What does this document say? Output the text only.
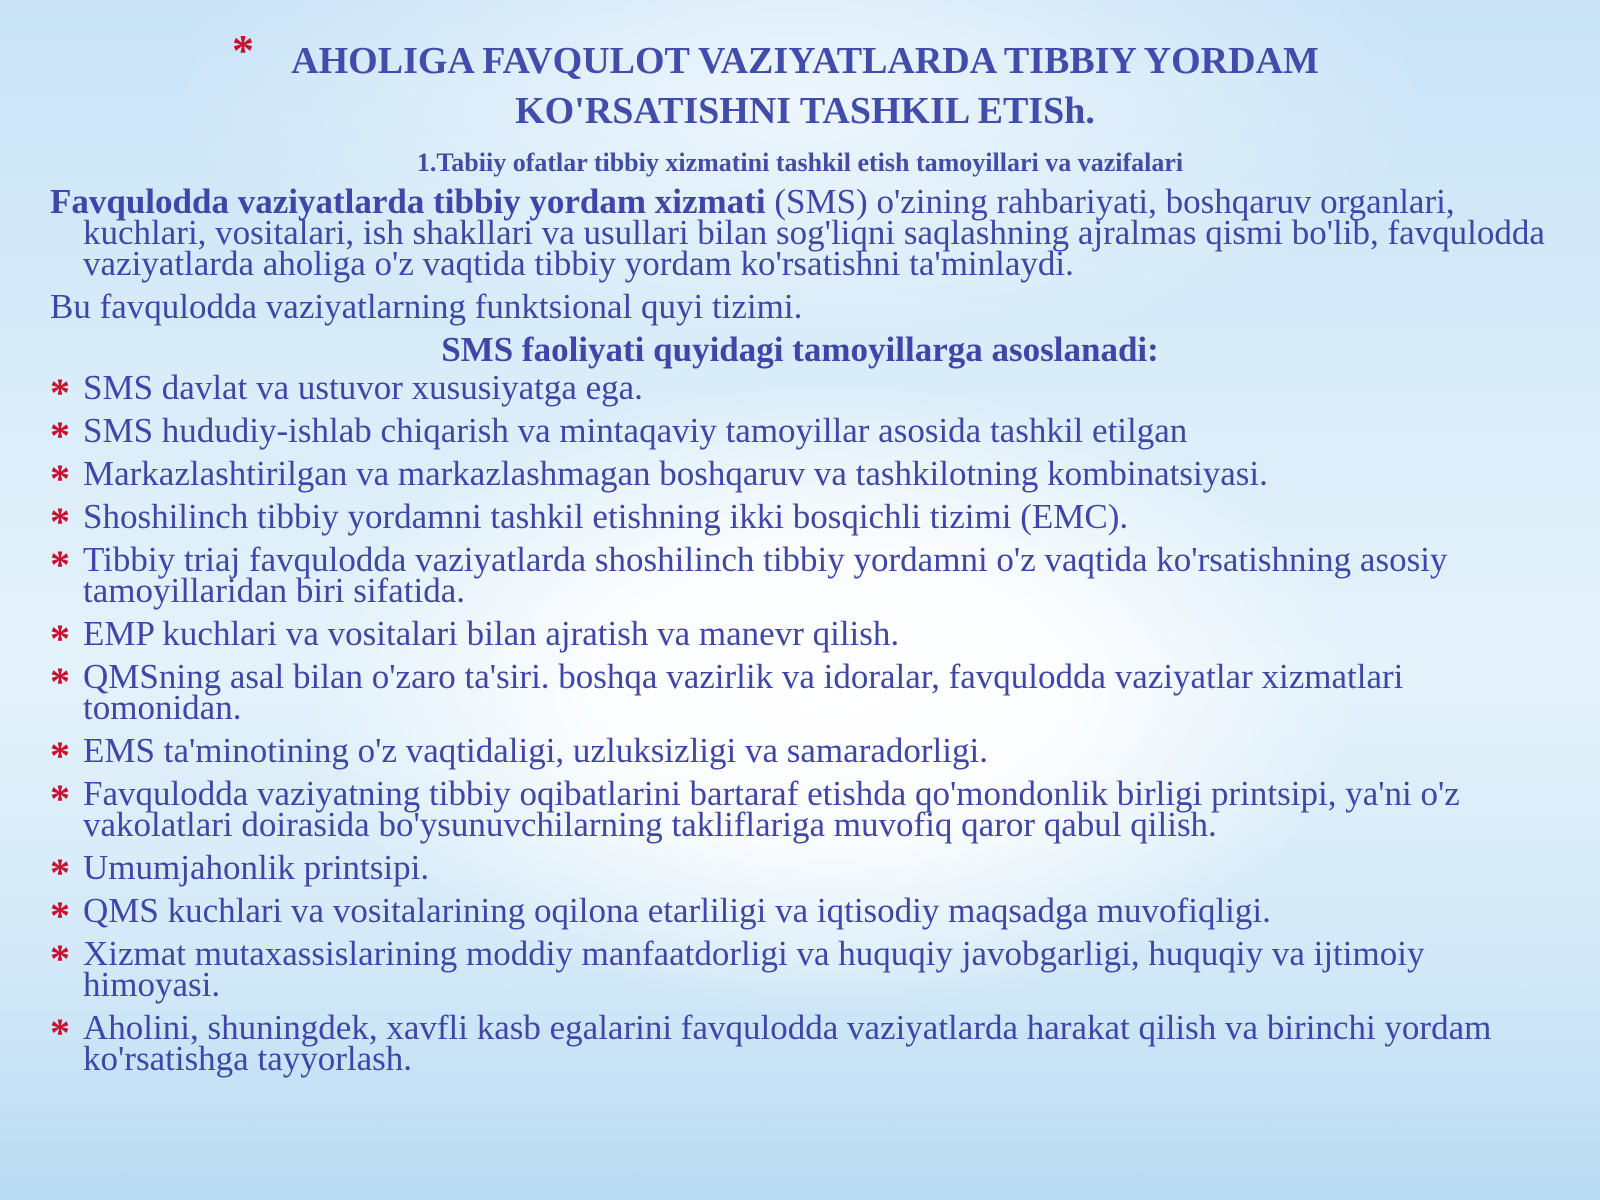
* AHOLIGA FAVQULOT VAZIYATLARDA TIBBIY YORDAM KO'RSATISHNI TASHKIL ETISh.
1.Tabiiy ofatlar tibbiy xizmatini tashkil etish tamoyillari va vazifalari

Favqulodda vaziyatlarda tibbiy yordam xizmati (SMS) o'zining rahbariyati, boshqaruv organlari, kuchlari, vositalari, ish shakllari va usullari bilan sog'liqni saqlashning ajralmas qismi bo'lib, favqulodda vaziyatlarda aholiga o'z vaqtida tibbiy yordam ko'rsatishni ta'minlaydi.

Bu favqulodda vaziyatlarning funktsional quyi tizimi.

SMS faoliyati quyidagi tamoyillarga asoslanadi:
* SMS davlat va ustuvor xususiyatga ega.
* SMS hududiy-ishlab chiqarish va mintaqaviy tamoyillar asosida tashkil etilgan
* Markazlashtirilgan va markazlashmagan boshqaruv va tashkilotning kombinatsiyasi.
* Shoshilinch tibbiy yordamni tashkil etishning ikki bosqichli tizimi (EMC).
* Tibbiy triaj favqulodda vaziyatlarda shoshilinch tibbiy yordamni o'z vaqtida ko'rsatishning asosiy tamoyillaridan biri sifatida.
* EMP kuchlari va vositalari bilan ajratish va manevr qilish.
* QMSning asal bilan o'zaro ta'siri. boshqa vazirlik va idoralar, favqulodda vaziyatlar xizmatlari tomonidan.
* EMS ta'minotining o'z vaqtidaligi, uzluksizligi va samaradorligi.
* Favqulodda vaziyatning tibbiy oqibatlarini bartaraf etishda qo'mondonlik birligi printsipi, ya'ni o'z vakolatlari doirasida bo'ysunuvchilarning takliflariga muvofiq qaror qabul qilish.
* Umumjahonlik printsipi.
* QMS kuchlari va vositalarining oqilona etarliligi va iqtisodiy maqsadga muvofiqligi.
* Xizmat mutaxassislarining moddiy manfaatdorligi va huquqiy javobgarligi, huquqiy va ijtimoiy himoyasi.
* Aholini, shuningdek, xavfli kasb egalarini favqulodda vaziyatlarda harakat qilish va birinchi yordam ko'rsatishga tayyorlash.
